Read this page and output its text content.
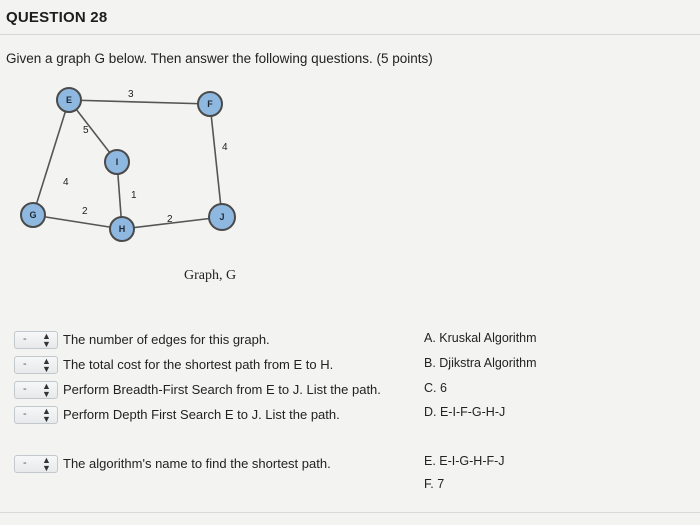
QUESTION 28
Given a graph G below. Then answer the following questions. (5 points)
3
5
4
4
1
2
2
E	F
I
G
H
J
Graph, G
- ▲
▼ The number of edges for this graph.
- ▲
▼ The total cost for the shortest path from E to H.
- ▲
▼ Perform Breadth-First Search from E to J. List the path.
- ▲
▼ Perform Depth First Search E to J. List the path.
- ▲
▼ The algorithm's name to find the shortest path.
A. Kruskal Algorithm
B. Djikstra Algorithm
C. 6
D. E-I-F-G-H-J
E. E-I-G-H-F-J
F. 7
